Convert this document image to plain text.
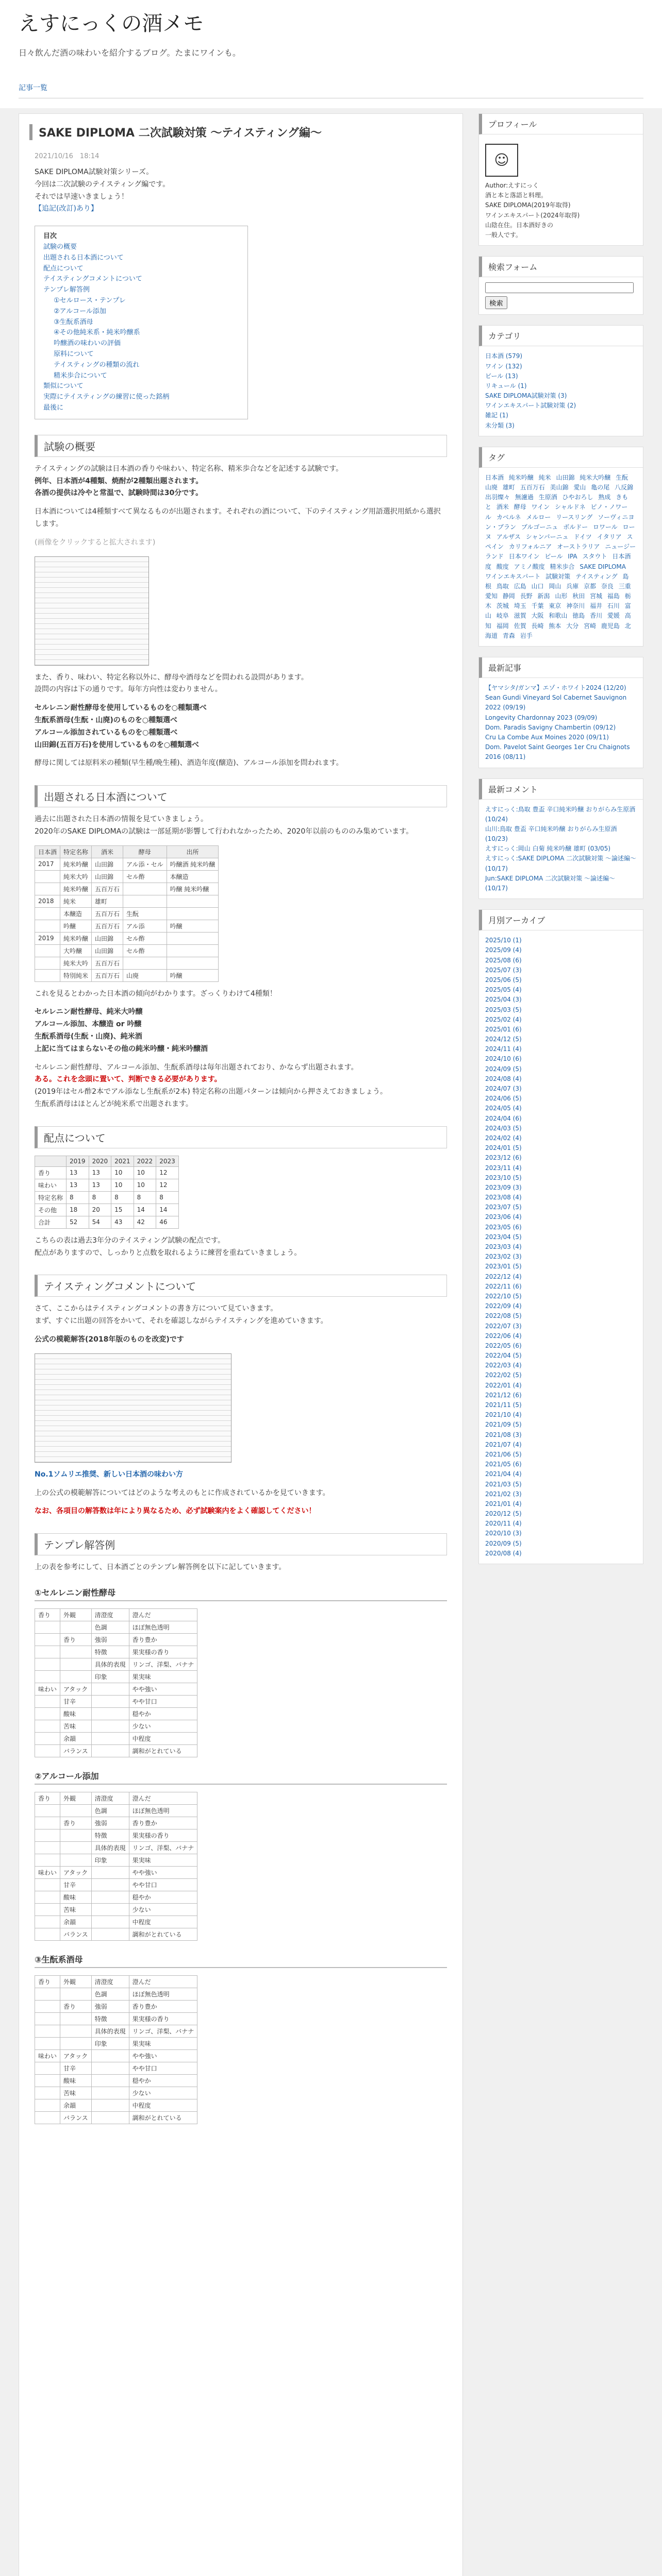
えすにっくの酒メモ
日々飲んだ酒の味わいを紹介するブログ。たまにワインも。
記事一覧
SAKE DIPLOMA 二次試験対策 〜テイスティング編〜
2021/10/16　18:14
SAKE DIPLOMA試験対策シリーズ。
今回は二次試験のテイスティング編です。
それでは早速いきましょう！
【追記(改訂)あり】
目次
試験の概要
出題される日本酒について
配点について
テイスティングコメントについて
テンプレ解答例
①セルロース・テンプレ
②アルコール添加
③生酛系酒母
④その他純米系・純米吟醸系
吟醸酒の味わいの評価
原料について
テイスティングの種類の流れ
精米歩合について
類似について
実際にテイスティングの練習に使った銘柄
最後に
試験の概要
テイスティングの試験は日本酒の香りや味わい、特定名称、精米歩合などを記述する試験です。
例年、日本酒が4種類、焼酎が2種類出題されます。
各酒の提供は冷やと常温で、試験時間は30分です。
日本酒については4種類すべて異なるものが出題されます。それぞれの酒について、下のテイスティング用語選択用紙から選択します。
(画像をクリックすると拡大されます)
また、香り、味わい、特定名称以外に、酵母や酒母などを問われる設問があります。
設問の内容は下の通りです。毎年方向性は変わりません。
セルレニン耐性酵母を使用しているものを○種類選べ
生酛系酒母(生酛・山廃)のものを○種類選べ
アルコール添加されているものを○種類選べ
山田錦(五百万石)を使用しているものを○種類選べ
酵母に関しては原料米の種類(早生種/晩生種)、酒造年度(醸造)、アルコール添加を問われます。
出題される日本酒について
過去に出題された日本酒の情報を見ていきましょう。
2020年のSAKE DIPLOMAの試験は一部延期が影響して行われなかったため、2020年以前のもののみ集めています。
日本酒	特定名称	酒米	酵母	出所
2017	純米吟醸	山田錦	アル添・セル	吟醸酒 純米吟醸
	純米大吟	山田錦	セル酢	本醸造
	純米吟醸	五百万石		吟醸 純米吟醸
2018	純米	雄町		
	本醸造	五百万石	生酛	
	吟醸	五百万石	アル添	吟醸
2019	純米吟醸	山田錦	セル酢	
	大吟醸	山田錦	セル酢	
	純米大吟	五百万石		
	特別純米	五百万石	山廃	吟醸
これを見るとわかった日本酒の傾向がわかります。ざっくりわけて4種類！
セルレニン耐性酵母、純米大吟醸
アルコール添加、本醸造 or 吟醸
生酛系酒母(生酛・山廃)、純米酒
上記に当てはまらないその他の純米吟醸・純米吟醸酒
セルレニン耐性酵母、アルコール添加、生酛系酒母は毎年出題されており、かならず出題されます。
ある。これを念頭に置いて、判断できる必要があります。
(2019年はセル酢2本でアル添なし生酛系が2本) 特定名称の出題パターンは傾向から押さえておきましょう。
生酛系酒母はほとんどが純米系で出題されます。
配点について
	2019	2020	2021	2022	2023
香り	13	13	10	10	12
味わい	13	13	10	10	12
特定名称	8	8	8	8	8
その他	18	20	15	14	14
合計	52	54	43	42	46
こちらの表は過去3年分のテイスティング試験の配点です。
配点がありますので、しっかりと点数を取れるように練習を重ねていきましょう。
テイスティングコメントについて
さて、ここからはテイスティングコメントの書き方について見ていきます。
まず、すぐに出題の回答をかいて、それを確認しながらテイスティングを進めていきます。
公式の模範解答(2018年版のものを改変)です
No.1ソムリエ推奨、新しい日本酒の味わい方
上の公式の模範解答についてはどのような考えのもとに作成されているかを見ていきます。
なお、各項目の解答数は年により異なるため、必ず試験案内をよく確認してください！
テンプレ解答例
上の表を参考にして、日本酒ごとのテンプレ解答例を以下に記していきます。
①セルレニン耐性酵母
香り	外観	清澄度	澄んだ
		色調	ほぼ無色透明
	香り	強弱	香り豊か
		特徴	果実様の香り
		具体的表現	リンゴ、洋梨、バナナ
		印象	果実味
味わい	アタック		やや強い
	甘辛		やや甘口
	酸味		穏やか
	苦味		少ない
	余韻		中程度
	バランス		調和がとれている
②アルコール添加
香り	外観	清澄度	澄んだ
		色調	ほぼ無色透明
	香り	強弱	香り豊か
		特徴	果実様の香り
		具体的表現	リンゴ、洋梨、バナナ
		印象	果実味
味わい	アタック		やや強い
	甘辛		やや甘口
	酸味		穏やか
	苦味		少ない
	余韻		中程度
	バランス		調和がとれている
③生酛系酒母
香り	外観	清澄度	澄んだ
		色調	ほぼ無色透明
	香り	強弱	香り豊か
		特徴	果実様の香り
		具体的表現	リンゴ、洋梨、バナナ
		印象	果実味
味わい	アタック		やや強い
	甘辛		やや甘口
	酸味		穏やか
	苦味		少ない
	余韻		中程度
	バランス		調和がとれている
プロフィール
☺
Author:えすにっく
酒と本と落語と料理。
SAKE DIPLOMA(2019年取得)
ワインエキスパート(2024年取得)
山陰在住。日本酒好きの
一般人です。
検索フォーム
検索
カテゴリ
日本酒 (579)
ワイン (132)
ビール (13)
リキュール (1)
SAKE DIPLOMA試験対策 (3)
ワインエキスパート試験対策 (2)
雑記 (1)
未分類 (3)
タグ
日本酒 純米吟醸 純米 山田錦 純米大吟醸 生酛 山廃 雄町 五百万石 美山錦 愛山 亀の尾 八反錦 出羽燦々 無濾過 生原酒 ひやおろし 熟成 きもと 酒米 酵母 ワイン シャルドネ ピノ・ノワール カベルネ メルロー リースリング ソーヴィニヨン・ブラン ブルゴーニュ ボルドー ロワール ローヌ アルザス シャンパーニュ ドイツ イタリア スペイン カリフォルニア オーストラリア ニュージーランド 日本ワイン ビール IPA スタウト 日本酒度 酸度 アミノ酸度 精米歩合 SAKE DIPLOMA ワインエキスパート 試験対策 テイスティング 島根 鳥取 広島 山口 岡山 兵庫 京都 奈良 三重 愛知 静岡 長野 新潟 山形 秋田 宮城 福島 栃木 茨城 埼玉 千葉 東京 神奈川 福井 石川 富山 岐阜 滋賀 大阪 和歌山 徳島 香川 愛媛 高知 福岡 佐賀 長崎 熊本 大分 宮崎 鹿児島 北海道 青森 岩手
最新記事
【ヤマシタ/ガンマ】エゾ・ホワイト2024 (12/20)
Sean Gundi Vineyard Sol Cabernet Sauvignon 2022 (09/19)
Longevity Chardonnay 2023 (09/09)
Dom. Paradis Savigny Chambertin (09/12)
Cru La Combe Aux Moines 2020 (09/11)
Dom. Pavelot Saint Georges 1er Cru Chaignots 2016 (08/11)
最新コメント
えすにっく:鳥取 豊盃 辛口純米吟醸 おりがらみ生原酒 (10/24)
山川:鳥取 豊盃 辛口純米吟醸 おりがらみ生原酒 (10/23)
えすにっく:岡山 白菊 純米吟醸 雄町 (03/05)
えすにっく:SAKE DIPLOMA 二次試験対策 〜論述編〜 (10/17)
Jun:SAKE DIPLOMA 二次試験対策 〜論述編〜 (10/17)
月別アーカイブ
2025/10 (1)
2025/09 (4)
2025/08 (6)
2025/07 (3)
2025/06 (5)
2025/05 (4)
2025/04 (3)
2025/03 (5)
2025/02 (4)
2025/01 (6)
2024/12 (5)
2024/11 (4)
2024/10 (6)
2024/09 (5)
2024/08 (4)
2024/07 (3)
2024/06 (5)
2024/05 (4)
2024/04 (6)
2024/03 (5)
2024/02 (4)
2024/01 (5)
2023/12 (6)
2023/11 (4)
2023/10 (5)
2023/09 (3)
2023/08 (4)
2023/07 (5)
2023/06 (4)
2023/05 (6)
2023/04 (5)
2023/03 (4)
2023/02 (3)
2023/01 (5)
2022/12 (4)
2022/11 (6)
2022/10 (5)
2022/09 (4)
2022/08 (5)
2022/07 (3)
2022/06 (4)
2022/05 (6)
2022/04 (5)
2022/03 (4)
2022/02 (5)
2022/01 (4)
2021/12 (6)
2021/11 (5)
2021/10 (4)
2021/09 (5)
2021/08 (3)
2021/07 (4)
2021/06 (5)
2021/05 (6)
2021/04 (4)
2021/03 (5)
2021/02 (3)
2021/01 (4)
2020/12 (5)
2020/11 (4)
2020/10 (3)
2020/09 (5)
2020/08 (4)
